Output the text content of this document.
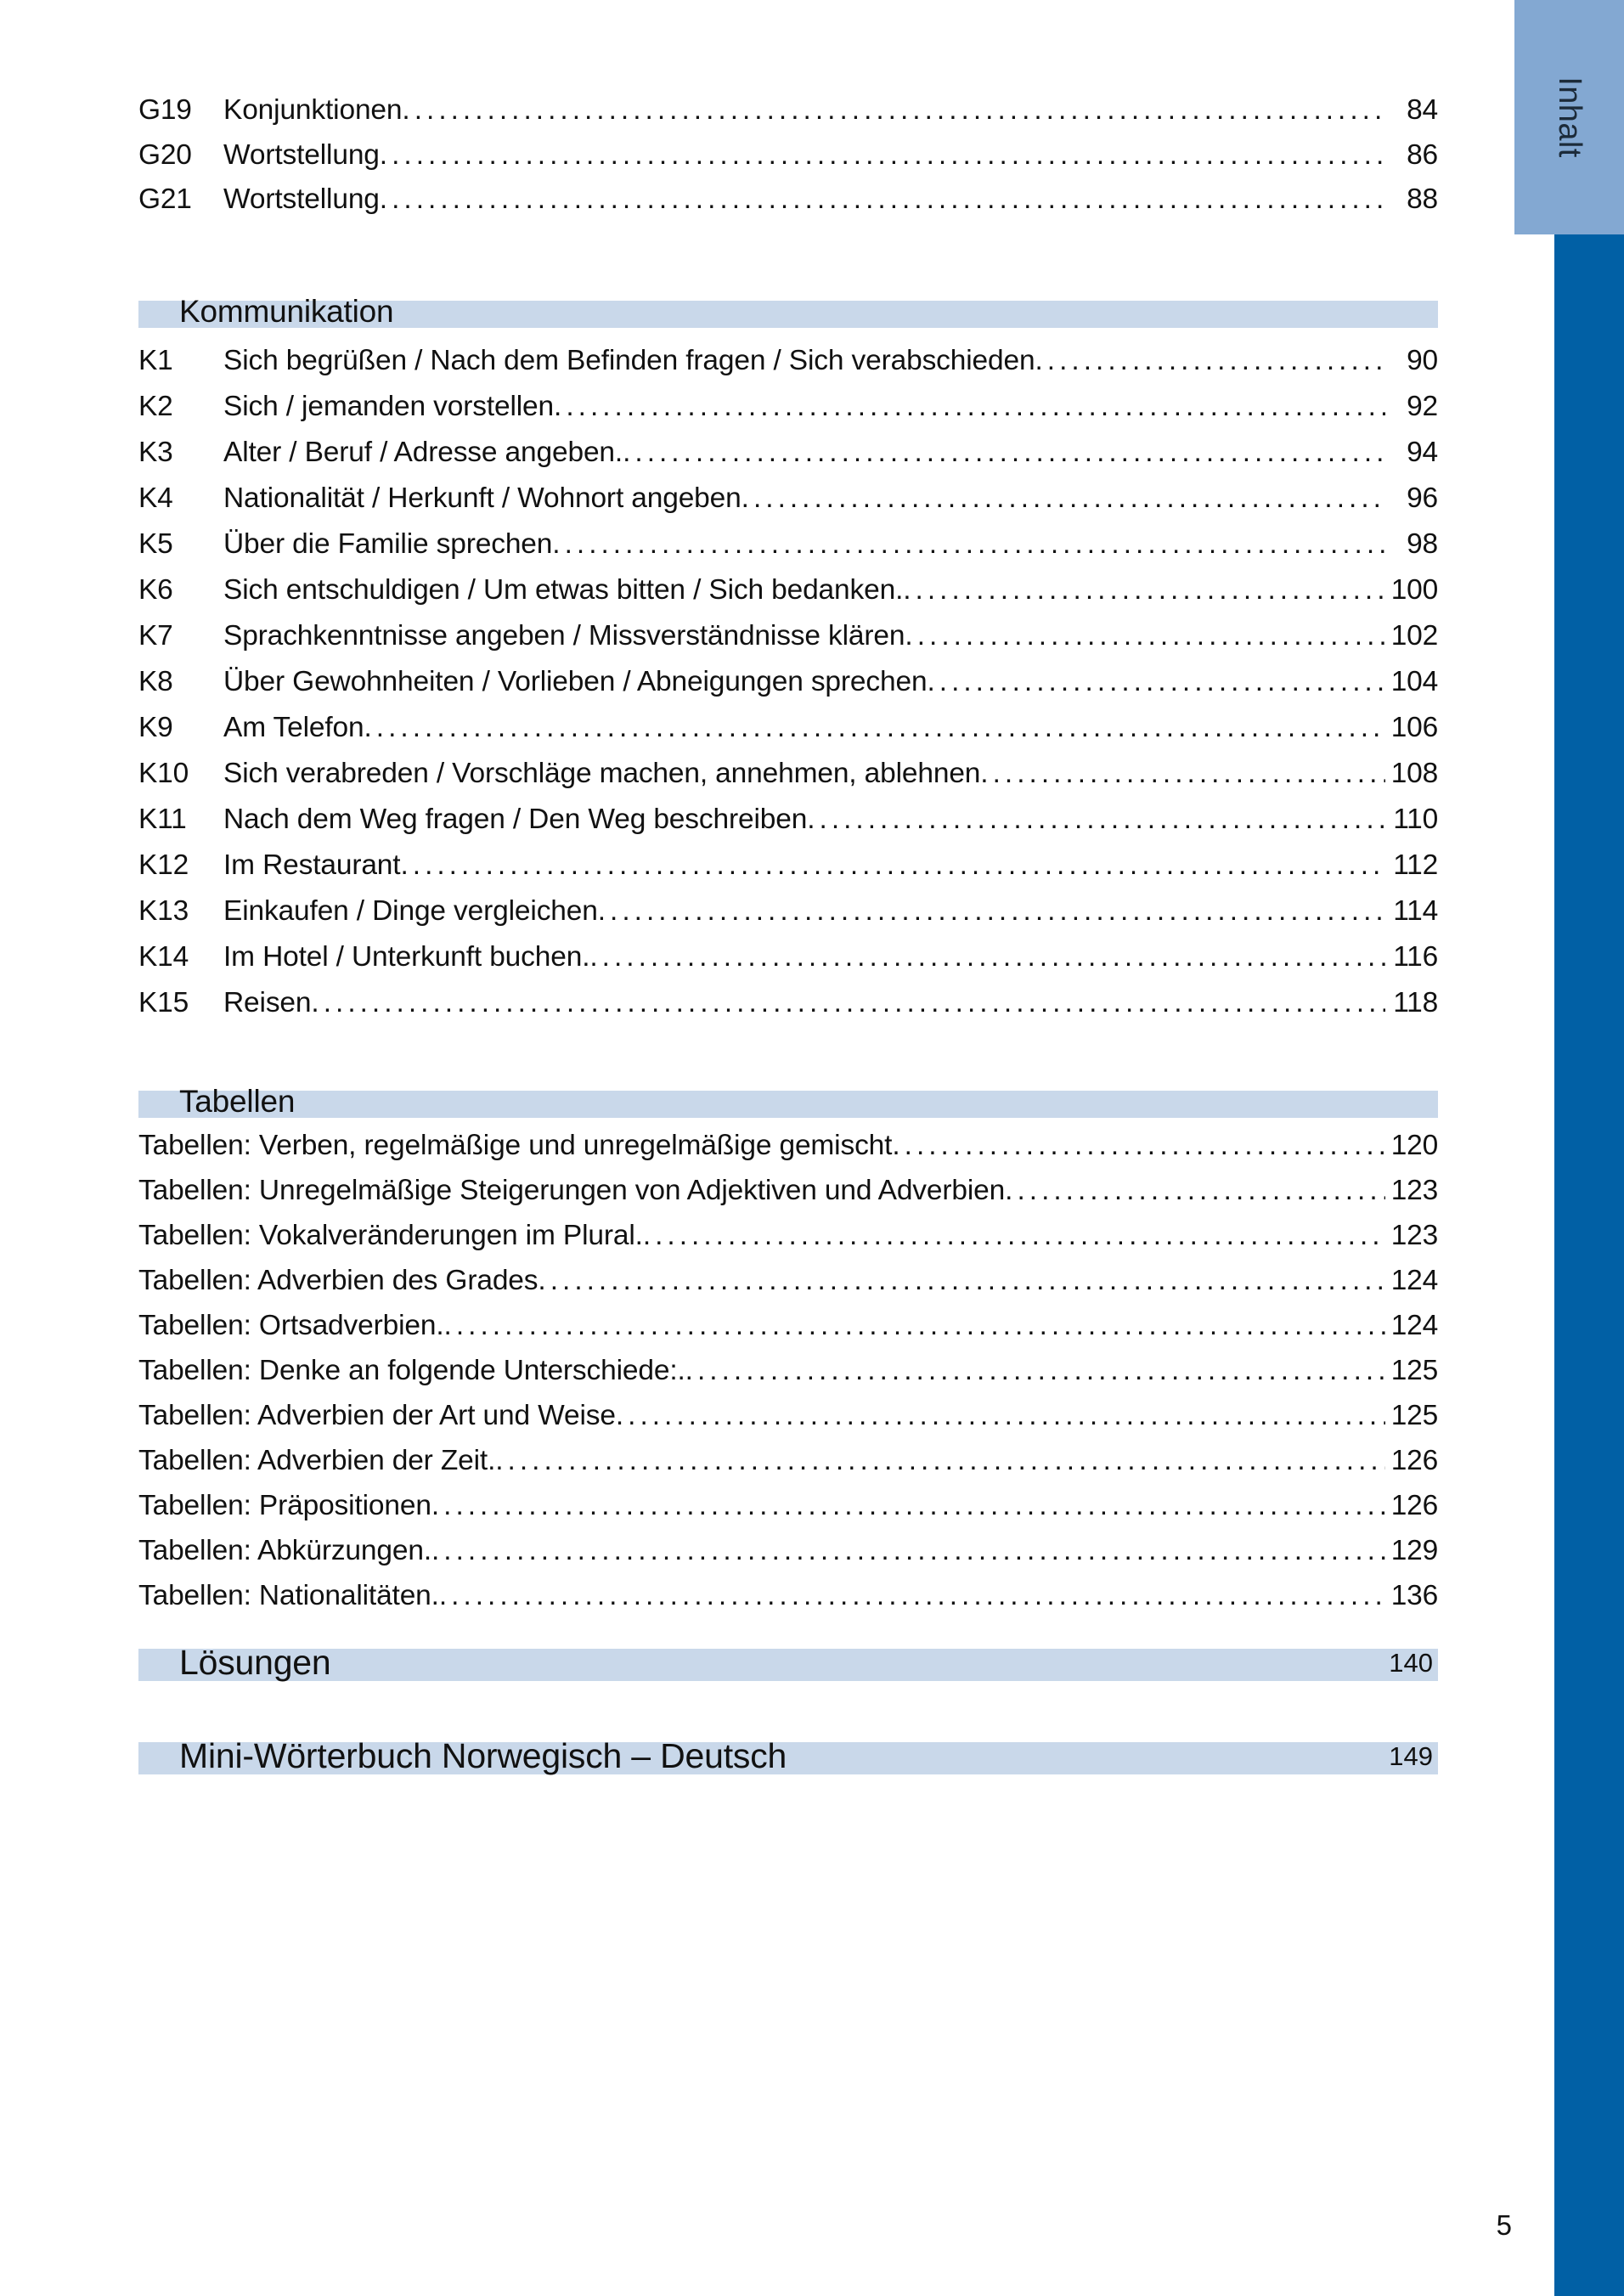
Inhalt
G19	Konjunktionen .....	84
G20	Wortstellung .....	86
G21	Wortstellung .....	88
Kommunikation
K1	Sich begrüßen / Nach dem Befinden fragen / Sich verabschieden .....	90
K2	Sich / jemanden vorstellen .....	92
K3	Alter / Beruf / Adresse angeben. .....	94
K4	Nationalität / Herkunft / Wohnort angeben .....	96
K5	Über die Familie sprechen .....	98
K6	Sich entschuldigen / Um etwas bitten / Sich bedanken. .....	100
K7	Sprachkenntnisse angeben / Missverständnisse klären .....	102
K8	Über Gewohnheiten / Vorlieben / Abneigungen sprechen .....	104
K9	Am Telefon .....	106
K10	Sich verabreden / Vorschläge machen, annehmen, ablehnen .....	108
K11	Nach dem Weg fragen / Den Weg beschreiben .....	110
K12	Im Restaurant .....	112
K13	Einkaufen / Dinge vergleichen .....	114
K14	Im Hotel / Unterkunft buchen. .....	116
K15	Reisen .....	118
Tabellen
Tabellen: Verben, regelmäßige und unregelmäßige gemischt .....	120
Tabellen: Unregelmäßige Steigerungen von Adjektiven und Adverbien .....	123
Tabellen: Vokalveränderungen im Plural. .....	123
Tabellen: Adverbien des Grades .....	124
Tabellen: Ortsadverbien. .....	124
Tabellen: Denke an folgende Unterschiede:. .....	125
Tabellen: Adverbien der Art und Weise .....	125
Tabellen: Adverbien der Zeit. .....	126
Tabellen: Präpositionen .....	126
Tabellen: Abkürzungen. .....	129
Tabellen: Nationalitäten. .....	136
Lösungen	140
Mini-Wörterbuch Norwegisch – Deutsch	149
5
